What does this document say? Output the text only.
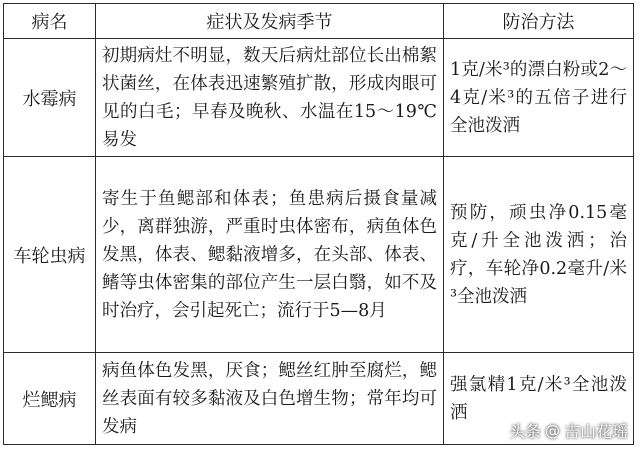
病名	症状及发病季节	防治方法
水霉病	初期病灶不明显，数天后病灶部位长出棉絮状菌丝，在体表迅速繁殖扩散，形成肉眼可见的白毛；早春及晚秋、水温在15～19℃易发	1克/米³的漂白粉或2～4克/米³的五倍子进行全池泼洒
车轮虫病	寄生于鱼鳃部和体表；鱼患病后摄食量减少，离群独游，严重时虫体密布，病鱼体色发黑，体表、鳃黏液增多，在头部、体表、鳍等虫体密集的部位产生一层白翳，如不及时治疗，会引起死亡；流行于5—8月	预防，顽虫净0.15毫克/升全池泼洒；治疗，车轮净0.2毫升/米³全池泼洒
烂鳃病	病鱼体色发黑，厌食；鳃丝红肿至腐烂，鳃丝表面有较多黏液及白色增生物；常年均可发病	强氯精1克/米³全池泼洒
头条 @ 吉山花瑶
